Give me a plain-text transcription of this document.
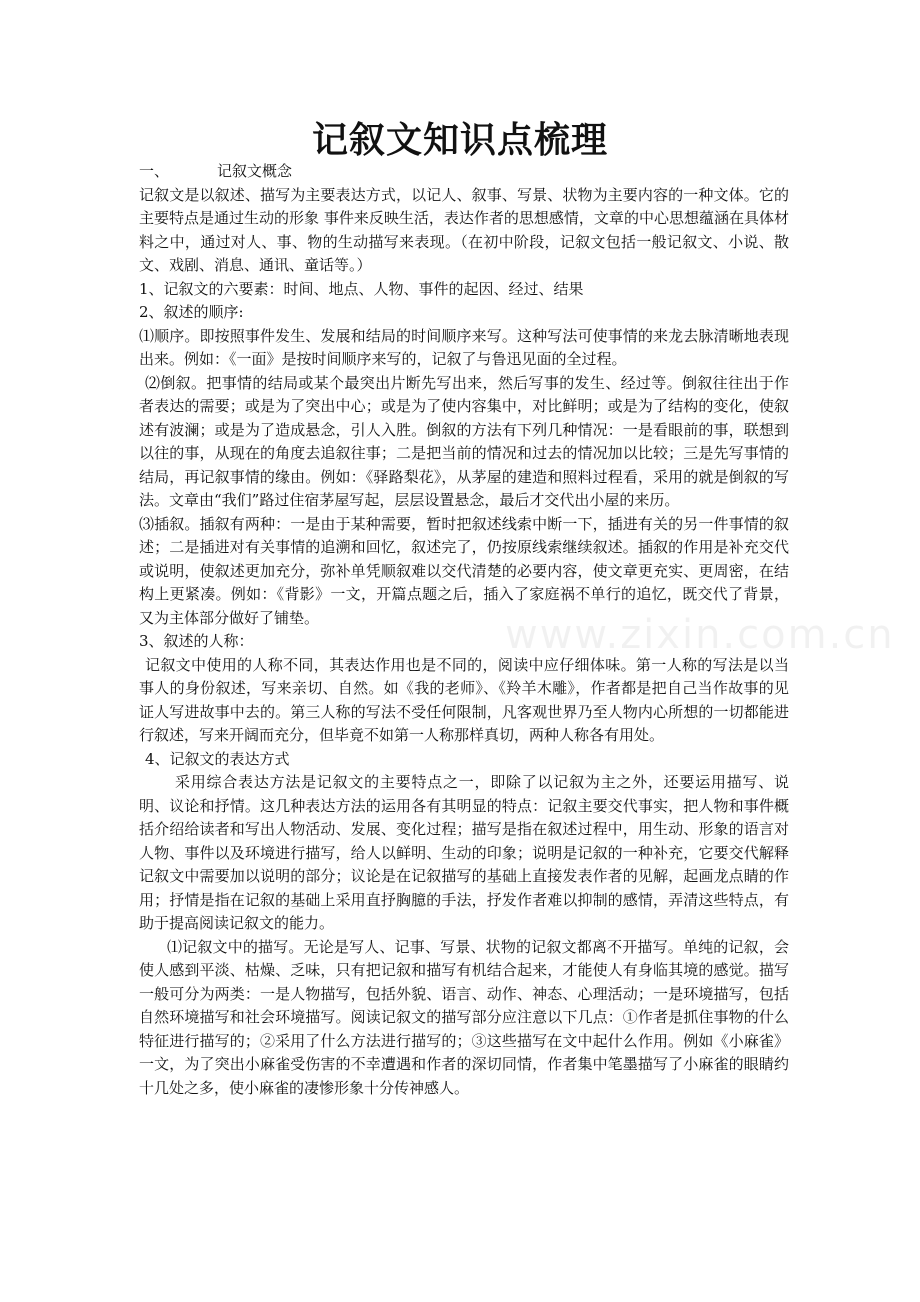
记叙文知识点梳理
www.zixin.com.cn

一、	记叙文概念

记叙文是以叙述、描写为主要表达方式，以记人、叙事、写景、状物为主要内容的一种文体。它的主要特点是通过生动的形象 事件来反映生活，表达作者的思想感情，文章的中心思想蕴涵在具体材料之中，通过对人、事、物的生动描写来表现。（在初中阶段，记叙文包括一般记叙文、小说、散文、戏剧、消息、通讯、童话等。）

1、记叙文的六要素：时间、地点、人物、事件的起因、经过、结果

2、叙述的顺序:

⑴顺序。即按照事件发生、发展和结局的时间顺序来写。这种写法可使事情的来龙去脉清晰地表现出来。例如：《一面》是按时间顺序来写的，记叙了与鲁迅见面的全过程。

⑵倒叙。把事情的结局或某个最突出片断先写出来，然后写事的发生、经过等。倒叙往往出于作者表达的需要；或是为了突出中心；或是为了使内容集中，对比鲜明；或是为了结构的变化，使叙述有波澜；或是为了造成悬念，引人入胜。倒叙的方法有下列几种情况：一是看眼前的事，联想到以往的事，从现在的角度去追叙往事；二是把当前的情况和过去的情况加以比较；三是先写事情的结局，再记叙事情的缘由。例如：《驿路梨花》，从茅屋的建造和照料过程看，采用的就是倒叙的写法。文章由“我们”路过住宿茅屋写起，层层设置悬念，最后才交代出小屋的来历。

⑶插叙。插叙有两种：一是由于某种需要，暂时把叙述线索中断一下，插进有关的另一件事情的叙述；二是插进对有关事情的追溯和回忆，叙述完了，仍按原线索继续叙述。插叙的作用是补充交代或说明，使叙述更加充分，弥补单凭顺叙难以交代清楚的必要内容，使文章更充实、更周密，在结构上更紧凑。例如：《背影》一文，开篇点题之后，插入了家庭祸不单行的追忆，既交代了背景，又为主体部分做好了铺垫。

3、叙述的人称：

记叙文中使用的人称不同，其表达作用也是不同的，阅读中应仔细体味。第一人称的写法是以当事人的身份叙述，写来亲切、自然。如《我的老师》、《羚羊木雕》，作者都是把自己当作故事的见证人写进故事中去的。第三人称的写法不受任何限制，凡客观世界乃至人物内心所想的一切都能进行叙述，写来开阔而充分，但毕竟不如第一人称那样真切，两种人称各有用处。

4、记叙文的表达方式

采用综合表达方法是记叙文的主要特点之一，即除了以记叙为主之外，还要运用描写、说明、议论和抒情。这几种表达方法的运用各有其明显的特点：记叙主要交代事实，把人物和事件概括介绍给读者和写出人物活动、发展、变化过程；描写是指在叙述过程中，用生动、形象的语言对人物、事件以及环境进行描写，给人以鲜明、生动的印象；说明是记叙的一种补充，它要交代解释记叙文中需要加以说明的部分；议论是在记叙描写的基础上直接发表作者的见解，起画龙点睛的作用；抒情是指在记叙的基础上采用直抒胸臆的手法，抒发作者难以抑制的感情，弄清这些特点，有助于提高阅读记叙文的能力。

⑴记叙文中的描写。无论是写人、记事、写景、状物的记叙文都离不开描写。单纯的记叙，会使人感到平淡、枯燥、乏味，只有把记叙和描写有机结合起来，才能使人有身临其境的感觉。描写一般可分为两类：一是人物描写，包括外貌、语言、动作、神态、心理活动；一是环境描写，包括自然环境描写和社会环境描写。阅读记叙文的描写部分应注意以下几点：①作者是抓住事物的什么特征进行描写的；②采用了什么方法进行描写的；③这些描写在文中起什么作用。例如《小麻雀》一文，为了突出小麻雀受伤害的不幸遭遇和作者的深切同情，作者集中笔墨描写了小麻雀的眼睛约十几处之多，使小麻雀的凄惨形象十分传神感人。
